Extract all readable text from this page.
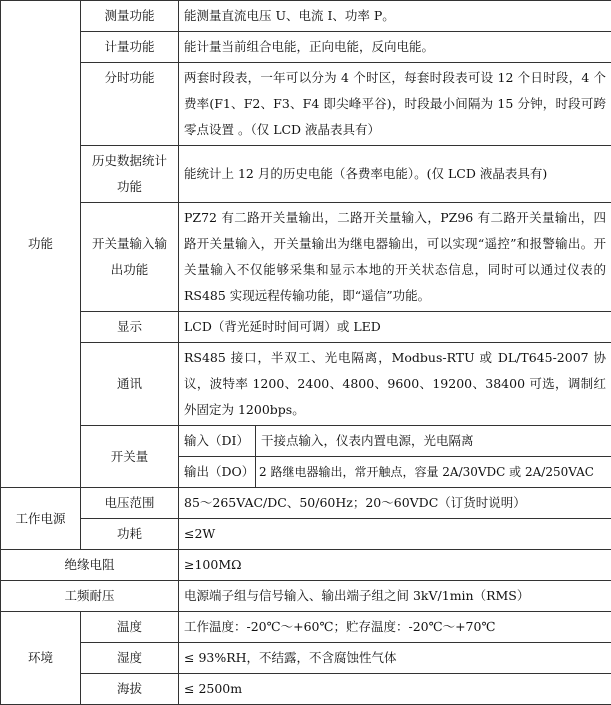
功能	测量功能	能测量直流电压 U、电流 I、功率 P。	
	计量功能	能计量当前组合电能，正向电能，反向电能。	
	分时功能	两套时段表，一年可以分为 4 个时区，每套时段表可设 12 个日时段，4 个费率(F1、F2、F3、F4 即尖峰平谷)，时段最小间隔为 15 分钟，时段可跨零点设置 。（仅 LCD 液晶表具有）	
	历史数据统计功能	能统计上 12 月的历史电能（各费率电能）。(仅 LCD 液晶表具有)	
	开关量输入输出功能	PZ72 有二路开关量输出，二路开关量输入，PZ96 有二路开关量输出，四路开关量输入，开关量输出为继电器输出，可以实现“遥控”和报警输出。开关量输入不仅能够采集和显示本地的开关状态信息，同时可以通过仪表的 RS485 实现远程传输功能，即“遥信”功能。	
	显示	LCD（背光延时时间可调）或 LED	
	通讯	RS485 接口，半双工、光电隔离，Modbus-RTU 或 DL/T645-2007 协议，波特率 1200、2400、4800、9600、19200、38400 可选，调制红外固定为 1200bps。	
	开关量	输入（DI）	干接点输入，仪表内置电源，光电隔离
		输出（DO）	2 路继电器输出，常开触点，容量 2A/30VDC 或 2A/250VAC
工作电源	电压范围	85～265VAC/DC、50/60Hz；20～60VDC（订货时说明）	
	功耗	≤2W	
绝缘电阻		≥100MΩ	
工频耐压		电源端子组与信号输入、输出端子组之间 3kV/1min（RMS）	
环境	温度	工作温度：-20℃～+60℃；贮存温度：-20℃～+70℃	
	湿度	≤ 93%RH，不结露，不含腐蚀性气体	
	海拔	≤ 2500m	
